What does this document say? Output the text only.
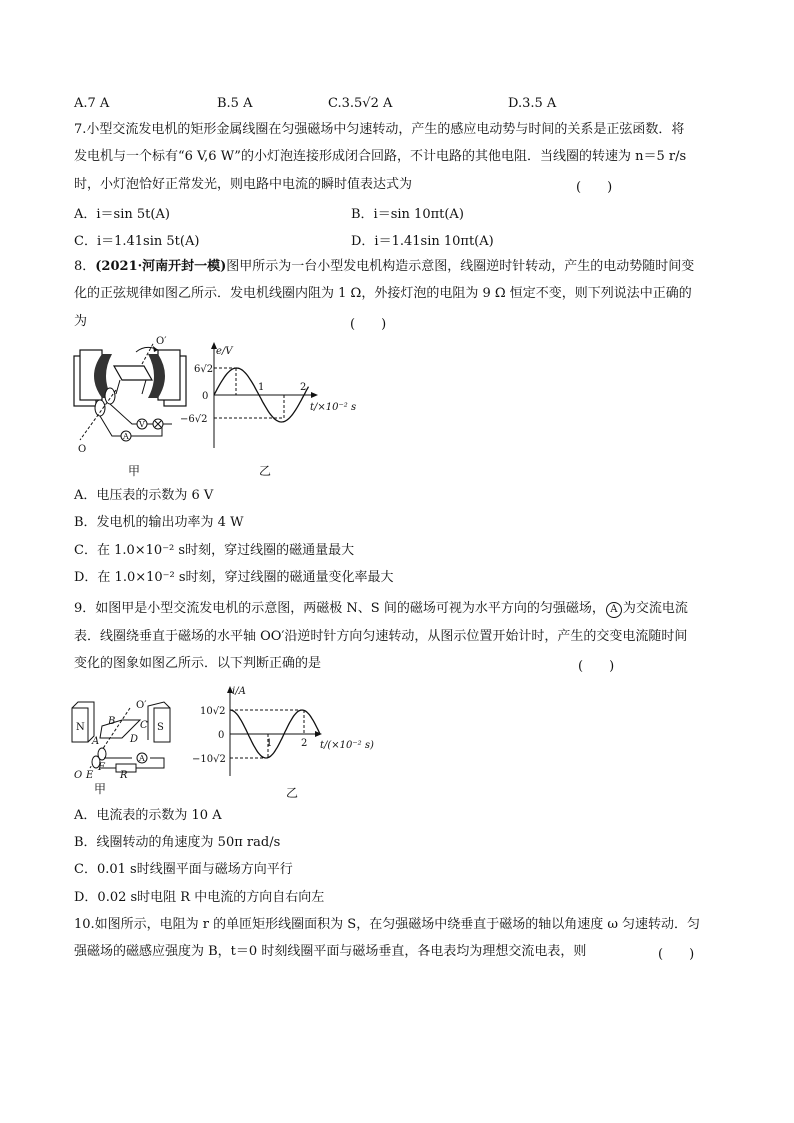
A.7 A	B.5 A	C.3.5√2 A	D.3.5 A
7.小型交流发电机的矩形金属线圈在匀强磁场中匀速转动，产生的感应电动势与时间的关系是正弦函数．将
发电机与一个标有“6 V,6 W”的小灯泡连接形成闭合回路，不计电路的其他电阻．当线圈的转速为 n＝5 r/s
时，小灯泡恰好正常发光，则电路中电流的瞬时值表达式为	(　　)
A．i＝sin 5t(A)	B．i＝sin 10πt(A)
C．i＝1.41sin 5t(A)	D．i＝1.41sin 10πt(A)
8．(2021·河南开封一模)图甲所示为一台小型发电机构造示意图，线圈逆时针转动，产生的电动势随时间变
化的正弦规律如图乙所示．发电机线圈内阻为 1 Ω，外接灯泡的电阻为 9 Ω 恒定不变，则下列说法中正确的
为	(　　)
O′
O
A
V
甲
e/V
6√2
0
−6√2
1	2
t/×10⁻² s
乙
A．电压表的示数为 6 V
B．发电机的输出功率为 4 W
C．在 1.0×10⁻² s时刻，穿过线圈的磁通量最大
D．在 1.0×10⁻² s时刻，穿过线圈的磁通量变化率最大
9．如图甲是小型交流发电机的示意图，两磁极 N、S 间的磁场可视为水平方向的匀强磁场， A 为交流电流
表．线圈绕垂直于磁场的水平轴 OO′沿逆时针方向匀速转动，从图示位置开始计时，产生的交变电流随时间
变化的图象如图乙所示．以下判断正确的是	(　　)
N	S
O′
B C
A	D
O E
F
R
A
甲
i/A
10√2
0
−10√2
1	2 t/(×10⁻² s)
乙
A．电流表的示数为 10 A
B．线圈转动的角速度为 50π rad/s
C．0.01 s时线圈平面与磁场方向平行
D．0.02 s时电阻 R 中电流的方向自右向左
10.如图所示，电阻为 r 的单匝矩形线圈面积为 S，在匀强磁场中绕垂直于磁场的轴以角速度 ω 匀速转动．匀
强磁场的磁感应强度为 B，t＝0 时刻线圈平面与磁场垂直，各电表均为理想交流电表，则	(　　)
